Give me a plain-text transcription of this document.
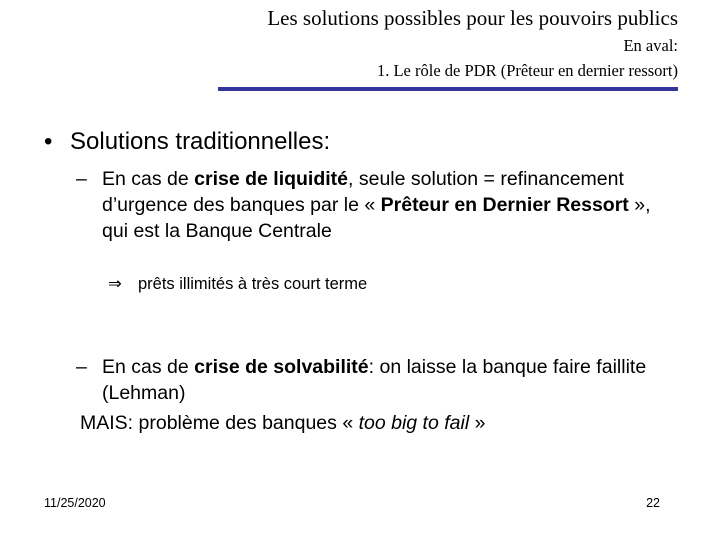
Les solutions possibles pour les pouvoirs publics
En aval:
1. Le rôle de PDR (Prêteur en dernier ressort)
• Solutions traditionnelles:
– En cas de crise de liquidité, seule solution = refinancement d’urgence des banques par le « Prêteur en Dernier Ressort », qui est la Banque Centrale
⇒ prêts illimités à très court terme
– En cas de crise de solvabilité: on laisse la banque faire faillite (Lehman)
MAIS: problème des banques « too big to fail »
11/25/2020	22
